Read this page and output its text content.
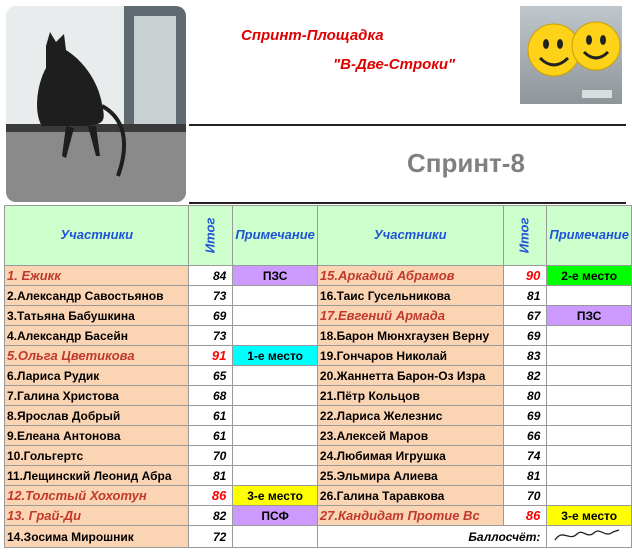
Спринт-Площадка
"В-Две-Строки"
Спринт-8
Участники	Итог	Примечание	Участники	Итог	Примечание
1. Ежикк	84	ПЗС	15.Аркадий Абрамов	90	2-е место
2.Александр Савостьянов	73		16.Таис Гусельникова	81	
3.Татьяна Бабушкина	69		17.Евгений Армада	67	ПЗС
4.Александр Басейн	73		18.Барон Мюнхгаузен Верну	69	
5.Ольга Цветикова	91	1-е место	19.Гончаров Николай	83	
6.Лариса Рудик	65		20.Жаннетта Барон-Оз Изра	82	
7.Галина Христова	68		21.Пётр Кольцов	80	
8.Ярослав Добрый	61		22.Лариса Железнис	69	
9.Елеана Антонова	61		23.Алексей Маров	66	
10.Гольгертс	70		24.Любимая Игрушка	74	
11.Лещинский Леонид Абра	81		25.Эльмира Алиева	81	
12.Толстый Хохотун	86	3-е место	26.Галина Таравкова	70	
13. Грай-Ди	82	ПСФ	27.Кандидат Протие Вс	86	3-е место
14.Зосима Мирошник	72		Баллосчёт:	
